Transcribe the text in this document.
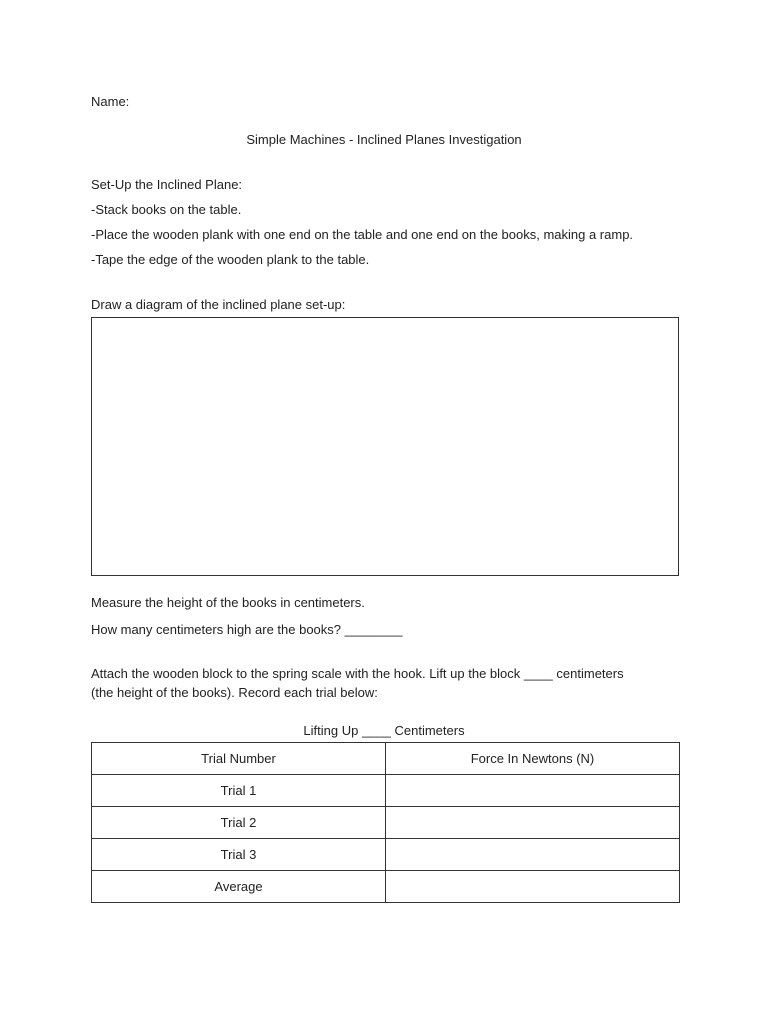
Name:
Simple Machines - Inclined Planes Investigation
Set-Up the Inclined Plane:
-Stack books on the table.
-Place the wooden plank with one end on the table and one end on the books, making a ramp.
-Tape the edge of the wooden plank to the table.
Draw a diagram of the inclined plane set-up:
Measure the height of the books in centimeters.
How many centimeters high are the books? ________
Attach the wooden block to the spring scale with the hook. Lift up the block ____ centimeters
(the height of the books). Record each trial below:
Lifting Up ____ Centimeters
Trial Number	Force In Newtons (N)
Trial 1	
Trial 2	
Trial 3	
Average	
